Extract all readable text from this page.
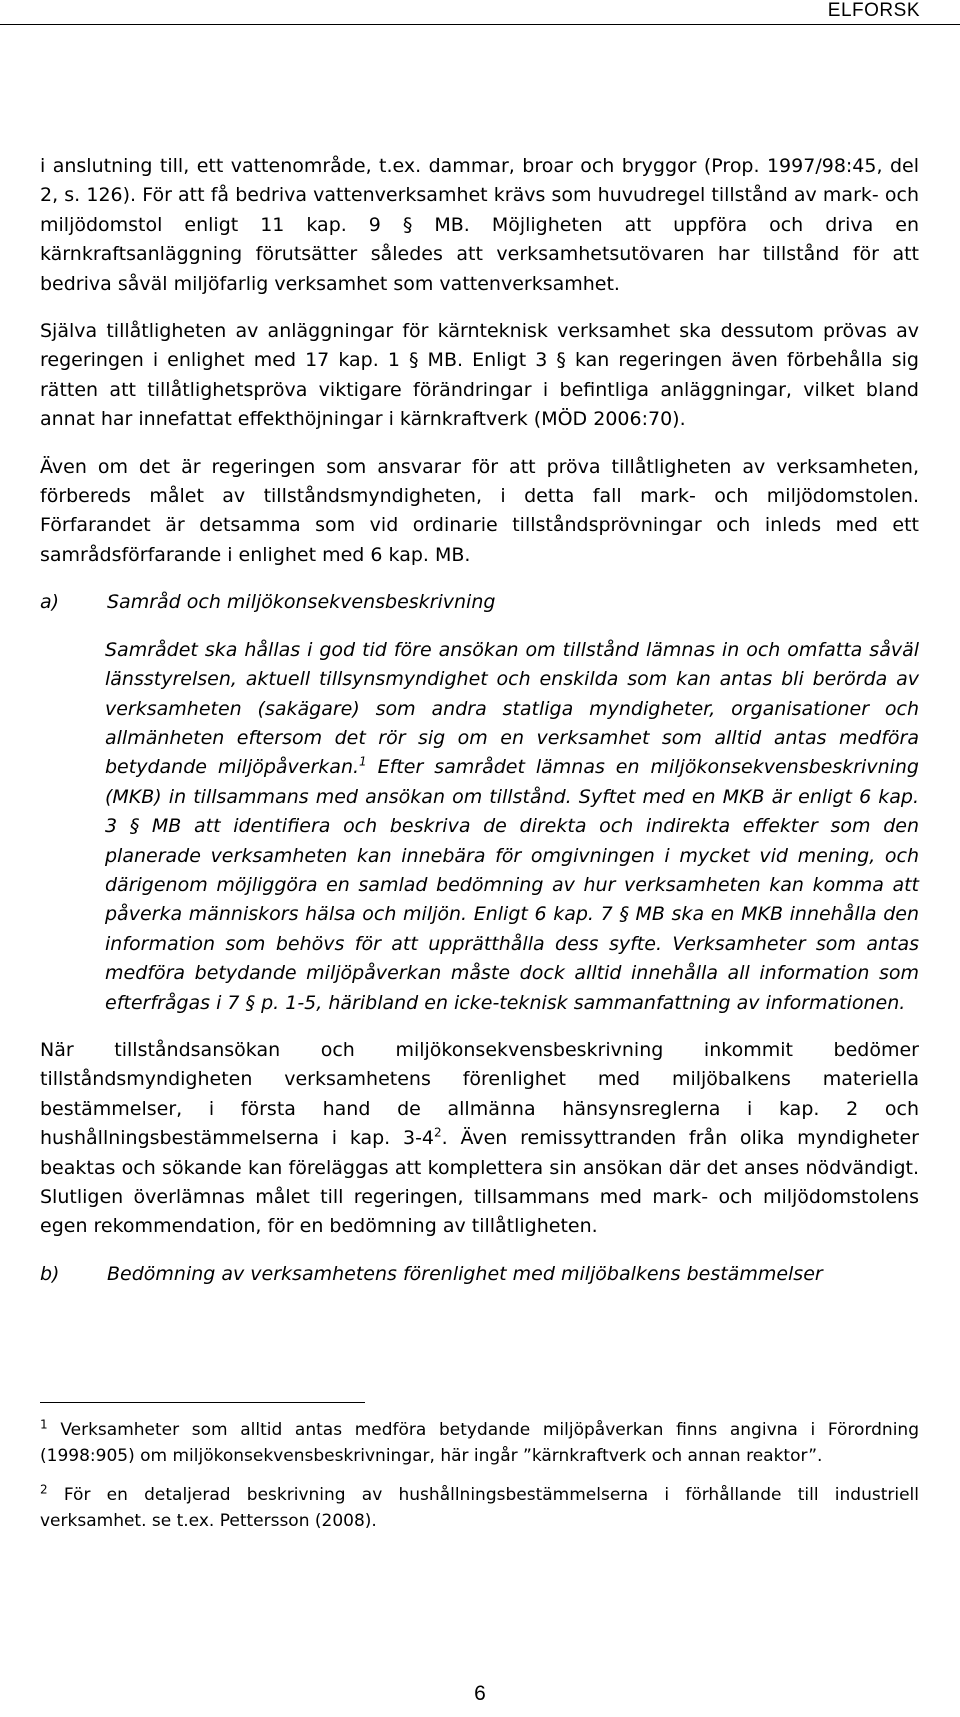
ELFORSK

i anslutning till, ett vattenområde, t.ex. dammar, broar och bryggor (Prop. 1997/98:45, del 2, s. 126). För att få bedriva vattenverksamhet krävs som huvudregel tillstånd av mark- och miljödomstol enligt 11 kap. 9 § MB. Möjligheten att uppföra och driva en kärnkraftsanläggning förutsätter således att verksamhetsutövaren har tillstånd för att bedriva såväl miljöfarlig verksamhet som vattenverksamhet.

Själva tillåtligheten av anläggningar för kärnteknisk verksamhet ska dessutom prövas av regeringen i enlighet med 17 kap. 1 § MB. Enligt 3 § kan regeringen även förbehålla sig rätten att tillåtlighetspröva viktigare förändringar i befintliga anläggningar, vilket bland annat har innefattat effekthöjningar i kärnkraftverk (MÖD 2006:70).

Även om det är regeringen som ansvarar för att pröva tillåtligheten av verksamheten, förbereds målet av tillståndsmyndigheten, i detta fall mark- och miljödomstolen. Förfarandet är detsamma som vid ordinarie tillståndsprövningar och inleds med ett samrådsförfarande i enlighet med 6 kap. MB.

a)	Samråd och miljökonsekvensbeskrivning

Samrådet ska hållas i god tid före ansökan om tillstånd lämnas in och omfatta såväl länsstyrelsen, aktuell tillsynsmyndighet och enskilda som kan antas bli berörda av verksamheten (sakägare) som andra statliga myndigheter, organisationer och allmänheten eftersom det rör sig om en verksamhet som alltid antas medföra betydande miljöpåverkan.$^1$ Efter samrådet lämnas en miljökonsekvensbeskrivning (MKB) in tillsammans med ansökan om tillstånd. Syftet med en MKB är enligt 6 kap. 3 § MB att identifiera och beskriva de direkta och indirekta effekter som den planerade verksamheten kan innebära för omgivningen i mycket vid mening, och därigenom möjliggöra en samlad bedömning av hur verksamheten kan komma att påverka människors hälsa och miljön. Enligt 6 kap. 7 § MB ska en MKB innehålla den information som behövs för att upprätthålla dess syfte. Verksamheter som antas medföra betydande miljöpåverkan måste dock alltid innehålla all information som efterfrågas i 7 § p. 1-5, häribland en icke-teknisk sammanfattning av informationen.

När tillståndsansökan och miljökonsekvensbeskrivning inkommit bedömer tillståndsmyndigheten verksamhetens förenlighet med miljöbalkens materiella bestämmelser, i första hand de allmänna hänsynsreglerna i kap. 2 och hushållningsbestämmelserna i kap. $3-4^2$. Även remissyttranden från olika myndigheter beaktas och sökande kan föreläggas att komplettera sin ansökan där det anses nödvändigt. Slutligen överlämnas målet till regeringen, tillsammans med mark- och miljödomstolens egen rekommendation, för en bedömning av tillåtligheten.

b)	Bedömning av verksamhetens förenlighet med miljöbalkens bestämmelser

$^1$ Verksamheter som alltid antas medföra betydande miljöpåverkan finns angivna i Förordning (1998:905) om miljökonsekvensbeskrivningar, här ingår ”kärnkraftverk och annan reaktor”.

$^2$ För en detaljerad beskrivning av hushållningsbestämmelserna i förhållande till industriell verksamhet. se t.ex. Pettersson (2008).

6
